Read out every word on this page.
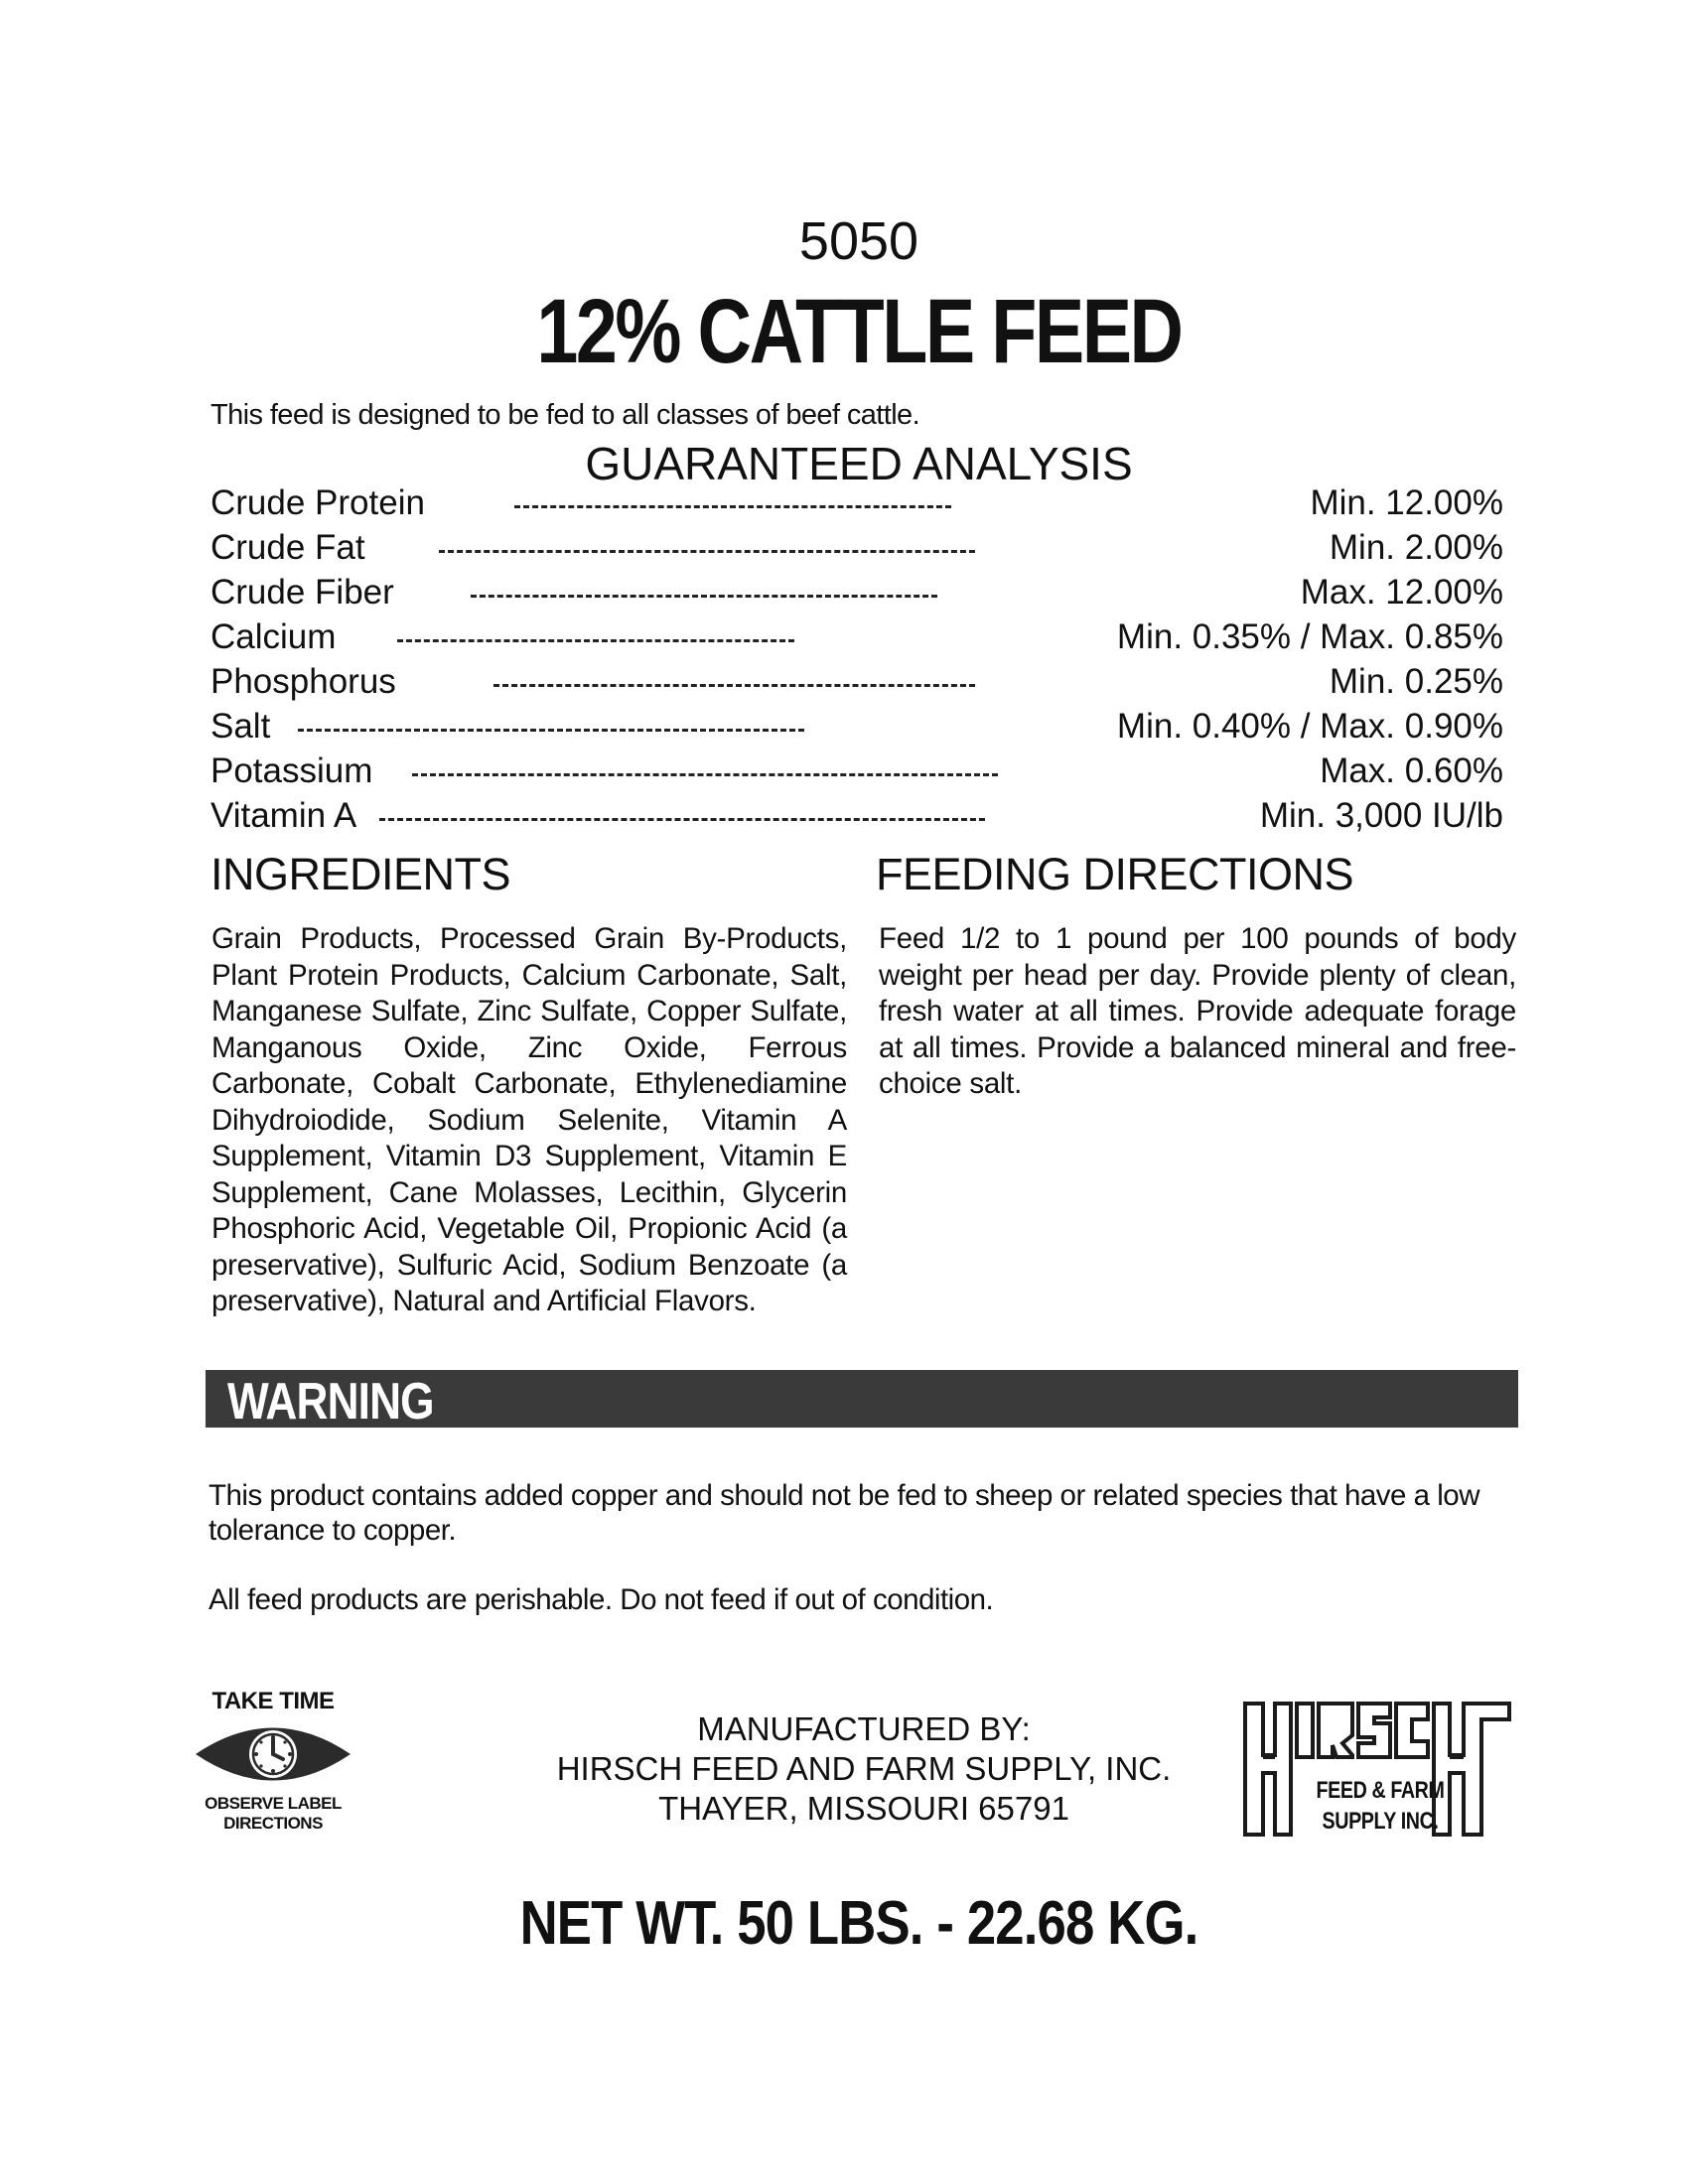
5050
12% CATTLE FEED
This feed is designed to be fed to all classes of beef cattle.
GUARANTEED ANALYSIS
Crude Protein	Min. 12.00%
Crude Fat	Min. 2.00%
Crude Fiber	Max. 12.00%
Calcium	Min. 0.35% / Max. 0.85%
Phosphorus	Min. 0.25%
Salt	Min. 0.40% / Max. 0.90%
Potassium	Max. 0.60%
Vitamin A	Min. 3,000 IU/lb
INGREDIENTS
Grain Products, Processed Grain By-Products, Plant Protein Products, Calcium Carbonate, Salt, Manganese Sulfate, Zinc Sulfate, Copper Sulfate, Manganous Oxide, Zinc Oxide, Ferrous Carbonate, Cobalt Carbonate, Ethylenediamine Dihydroiodide, Sodium Selenite, Vitamin A Supplement, Vitamin D3 Supplement, Vitamin E Supplement, Cane Molasses, Lecithin, Glycerin Phosphoric Acid, Vegetable Oil, Propionic Acid (a preservative), Sulfuric Acid, Sodium Benzoate (a preservative), Natural and Artificial Flavors.
FEEDING DIRECTIONS
Feed 1/2 to 1 pound per 100 pounds of body weight per head per day. Provide plenty of clean, fresh water at all times. Provide adequate forage at all times. Provide a balanced mineral and free-choice salt.
WARNING
This product contains added copper and should not be fed to sheep or related species that have a low tolerance to copper.
All feed products are perishable. Do not feed if out of condition.
TAKE TIME
OBSERVE LABEL
DIRECTIONS
MANUFACTURED BY:
HIRSCH FEED AND FARM SUPPLY, INC.
THAYER, MISSOURI 65791	FEED & FARM
SUPPLY INC.
NET WT. 50 LBS. - 22.68 KG.
